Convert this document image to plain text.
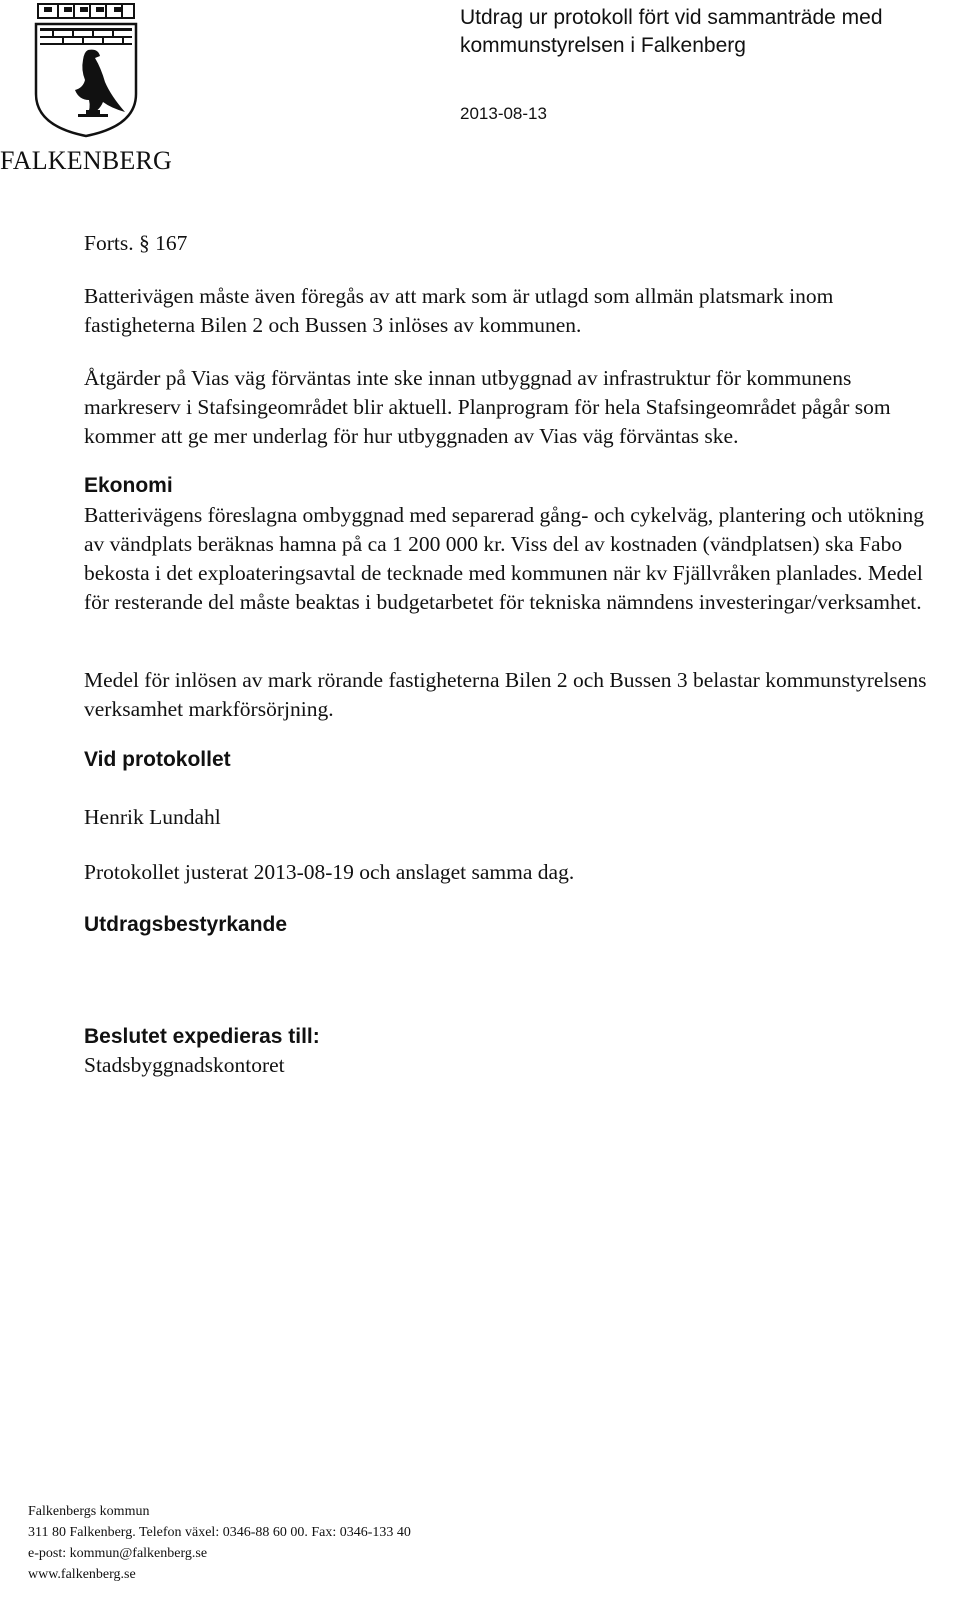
FALKENBERG
Utdrag ur protokoll fört vid sammanträde med kommunstyrelsen i Falkenberg
2013-08-13

Forts. § 167

Batterivägen måste även föregås av att mark som är utlagd som allmän platsmark inom fastigheterna Bilen 2 och Bussen 3 inlöses av kommunen.

Åtgärder på Vias väg förväntas inte ske innan utbyggnad av infrastruktur för kommunens markreserv i Stafsingeområdet blir aktuell. Planprogram för hela Stafsingeområdet pågår som kommer att ge mer underlag för hur utbyggnaden av Vias väg förväntas ske.

Ekonomi

Batterivägens föreslagna ombyggnad med separerad gång- och cykelväg, plantering och utökning av vändplats beräknas hamna på ca 1 200 000 kr. Viss del av kostnaden (vändplatsen) ska Fabo bekosta i det exploateringsavtal de tecknade med kommunen när kv Fjällvråken planlades. Medel för resterande del måste beaktas i budgetarbetet för tekniska nämndens investeringar/verksamhet.

Medel för inlösen av mark rörande fastigheterna Bilen 2 och Bussen 3 belastar kommunstyrelsens verksamhet markförsörjning.

Vid protokollet

Henrik Lundahl

Protokollet justerat 2013-08-19 och anslaget samma dag.

Utdragsbestyrkande
Beslutet expedieras till:

Stadsbyggnadskontoret

Falkenbergs kommun
311 80 Falkenberg. Telefon växel: 0346-88 60 00. Fax: 0346-133 40
e-post: kommun@falkenberg.se
www.falkenberg.se
